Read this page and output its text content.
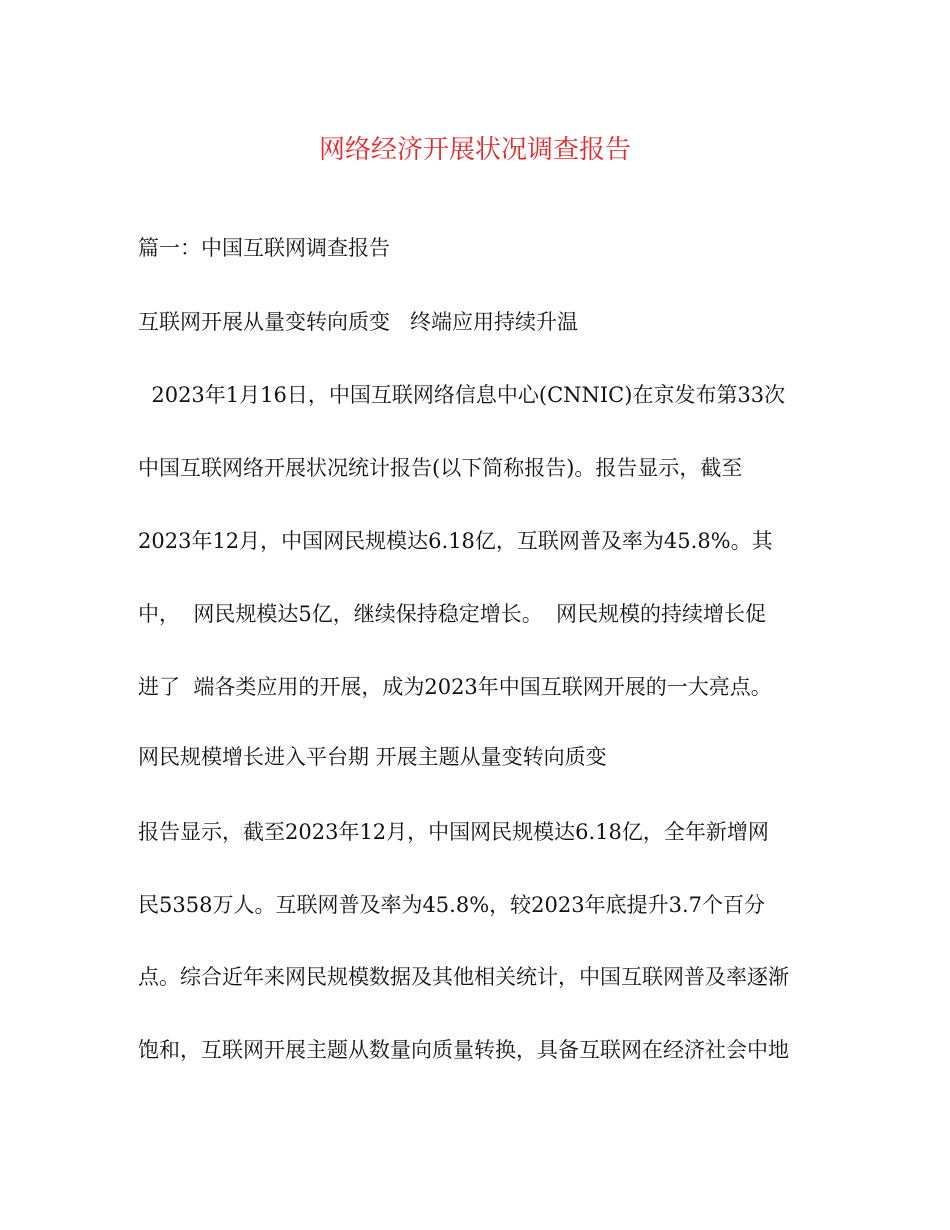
网络经济开展状况调查报告
篇一：中国互联网调查报告
互联网开展从量变转向质变   终端应用持续升温
2023年1月16日，中国互联网络信息中心(CNNIC)在京发布第33次
中国互联网络开展状况统计报告(以下简称报告)。报告显示，截至
2023年12月，中国网民规模达6.18亿，互联网普及率为45.8%。其
中，  网民规模达5亿，继续保持稳定增长。  网民规模的持续增长促
进了  端各类应用的开展，成为2023年中国互联网开展的一大亮点。
网民规模增长进入平台期 开展主题从量变转向质变
报告显示，截至2023年12月，中国网民规模达6.18亿，全年新增网
民5358万人。互联网普及率为45.8%，较2023年底提升3.7个百分
点。综合近年来网民规模数据及其他相关统计，中国互联网普及率逐渐
饱和，互联网开展主题从数量向质量转换，具备互联网在经济社会中地
